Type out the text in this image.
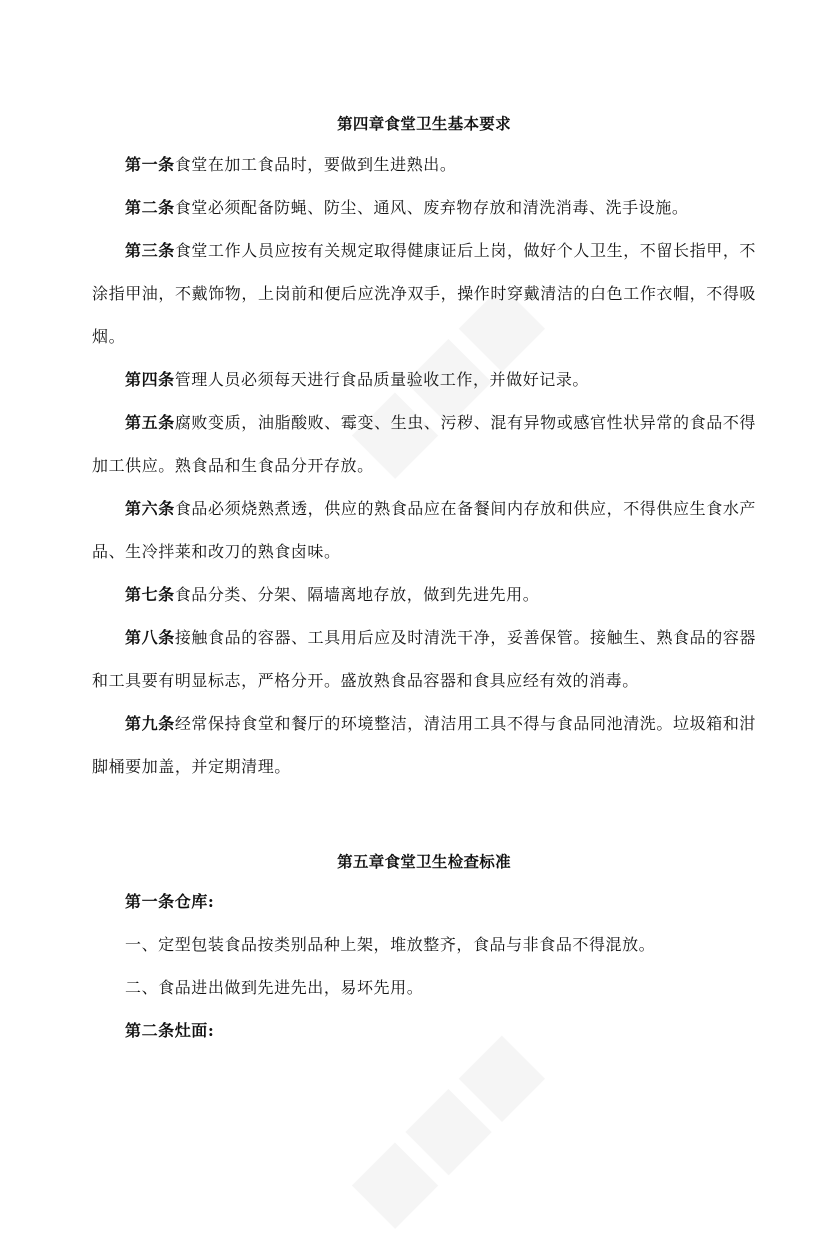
第四章食堂卫生基本要求

第一条食堂在加工食品时，要做到生进熟出。

第二条食堂必须配备防蝇、防尘、通风、废弃物存放和清洗消毒、洗手设施。

第三条食堂工作人员应按有关规定取得健康证后上岗，做好个人卫生，不留长指甲，不涂指甲油，不戴饰物，上岗前和便后应洗净双手，操作时穿戴清洁的白色工作衣帽，不得吸烟。

第四条管理人员必须每天进行食品质量验收工作，并做好记录。

第五条腐败变质，油脂酸败、霉变、生虫、污秽、混有异物或感官性状异常的食品不得加工供应。熟食品和生食品分开存放。

第六条食品必须烧熟煮透，供应的熟食品应在备餐间内存放和供应，不得供应生食水产品、生冷拌莱和改刀的熟食卤味。

第七条食品分类、分架、隔墙离地存放，做到先进先用。

第八条接触食品的容器、工具用后应及时清洗干净，妥善保管。接触生、熟食品的容器和工具要有明显标志，严格分开。盛放熟食品容器和食具应经有效的消毒。

第九条经常保持食堂和餐厅的环境整洁，清洁用工具不得与食品同池清洗。垃圾箱和泔脚桶要加盖，并定期清理。

第五章食堂卫生检查标准

第一条仓库:

一、定型包装食品按类别品种上架，堆放整齐，食品与非食品不得混放。

二、食品进出做到先进先出，易坏先用。

第二条灶面:
